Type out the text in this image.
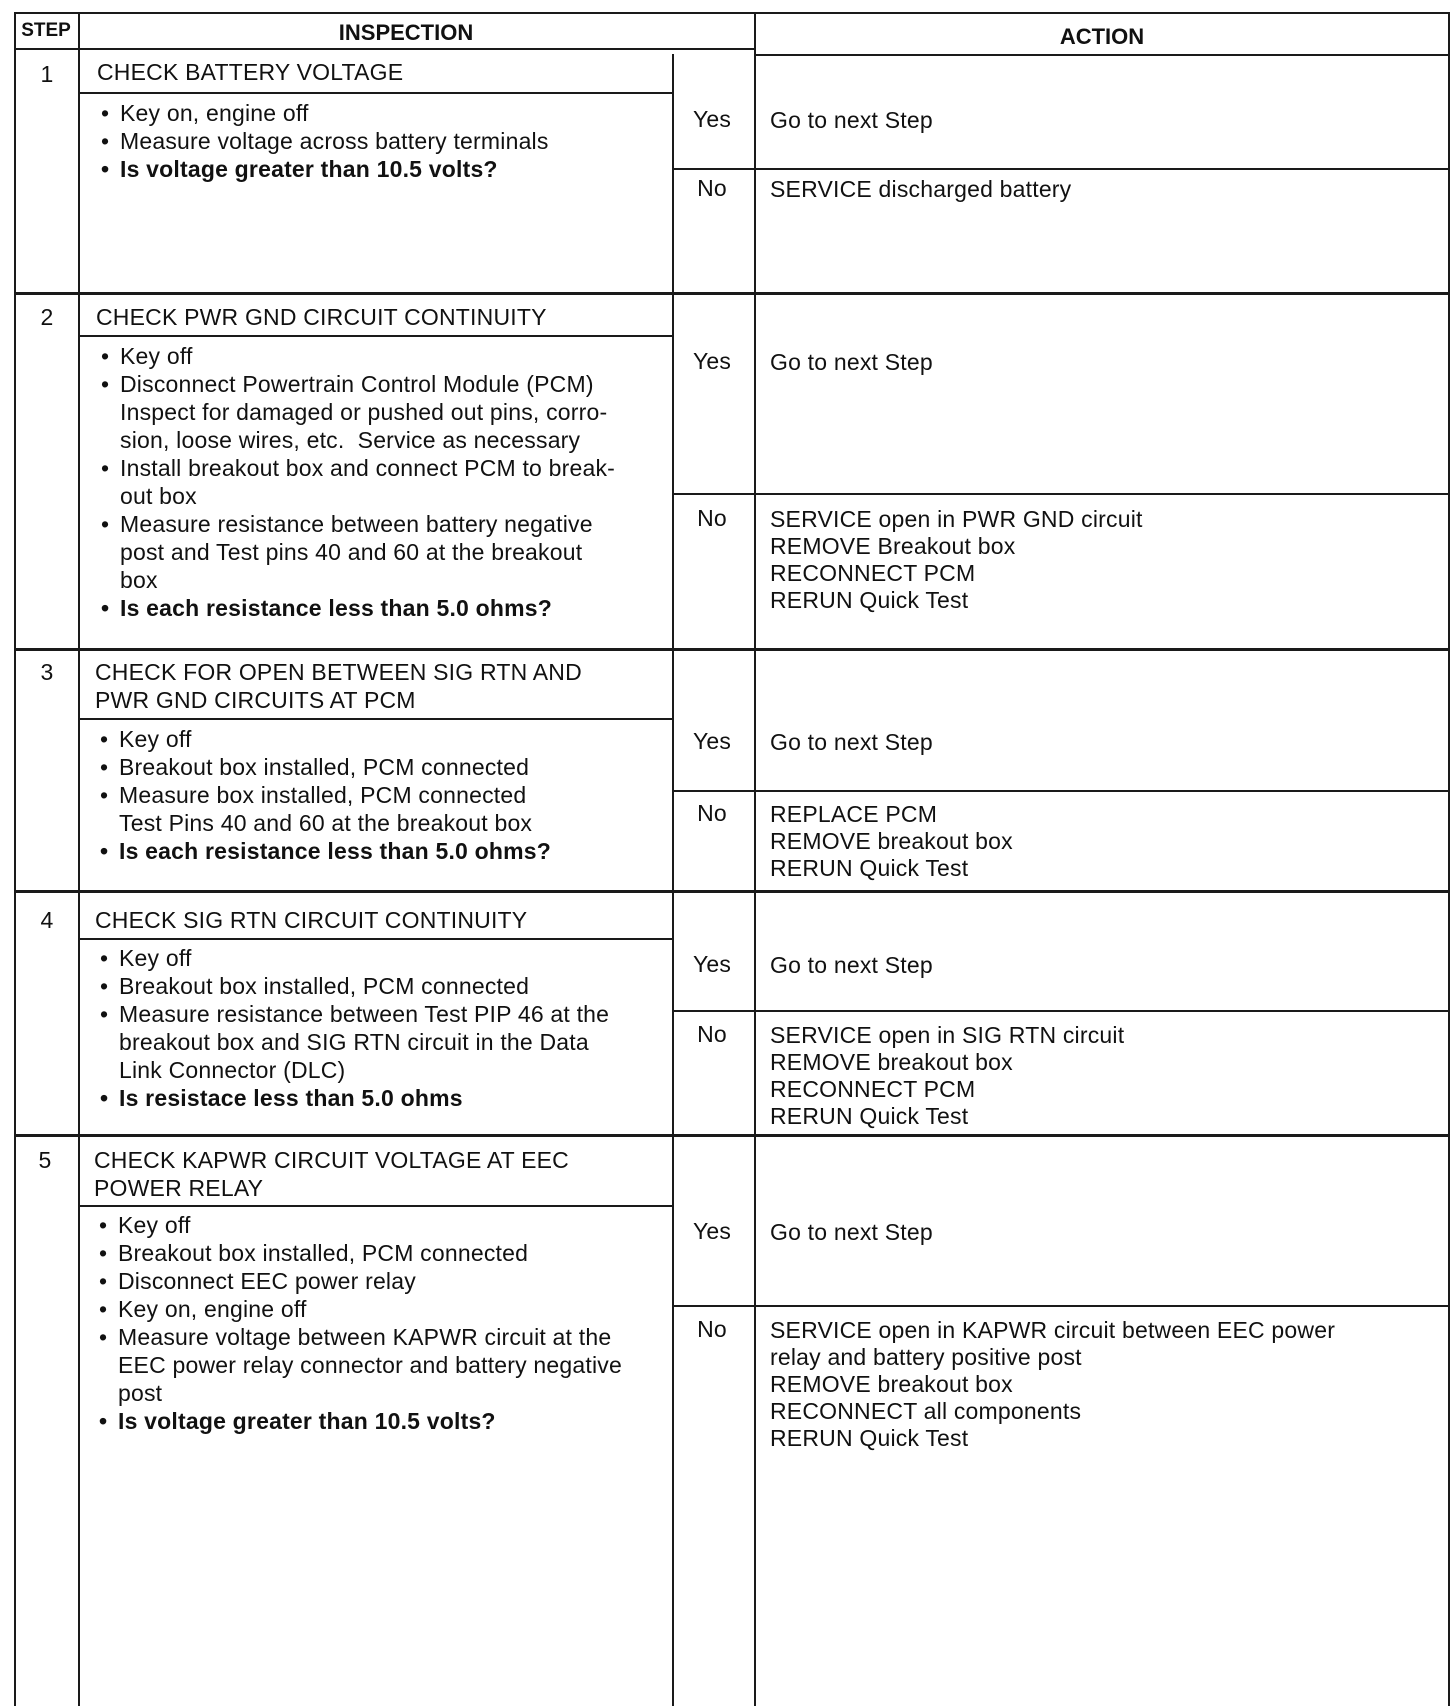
STEP	INSPECTION	ACTION
1	CHECK BATTERY VOLTAGE
• Key on, engine off
• Measure voltage across battery terminals
• Is voltage greater than 10.5 volts?
Yes	Go to next Step
No	SERVICE discharged battery
2	CHECK PWR GND CIRCUIT CONTINUITY
• Key off
• Disconnect Powertrain Control Module (PCM)
Inspect for damaged or pushed out pins, corro-
sion, loose wires, etc.  Service as necessary
• Install breakout box and connect PCM to break-
out box
• Measure resistance between battery negative
post and Test pins 40 and 60 at the breakout
box
• Is each resistance less than 5.0 ohms?
Yes	Go to next Step
No	SERVICE open in PWR GND circuit
REMOVE Breakout box
RECONNECT PCM
RERUN Quick Test
3	CHECK FOR OPEN BETWEEN SIG RTN AND
PWR GND CIRCUITS AT PCM
• Key off
• Breakout box installed, PCM connected
• Measure box installed, PCM connected
Test Pins 40 and 60 at the breakout box
• Is each resistance less than 5.0 ohms?
Yes	Go to next Step
No	REPLACE PCM
REMOVE breakout box
RERUN Quick Test
4	CHECK SIG RTN CIRCUIT CONTINUITY
• Key off
• Breakout box installed, PCM connected
• Measure resistance between Test PIP 46 at the
breakout box and SIG RTN circuit in the Data
Link Connector (DLC)
• Is resistace less than 5.0 ohms
Yes	Go to next Step
No	SERVICE open in SIG RTN circuit
REMOVE breakout box
RECONNECT PCM
RERUN Quick Test
5	CHECK KAPWR CIRCUIT VOLTAGE AT EEC
POWER RELAY
• Key off
• Breakout box installed, PCM connected
• Disconnect EEC power relay
• Key on, engine off
• Measure voltage between KAPWR circuit at the
EEC power relay connector and battery negative
post
• Is voltage greater than 10.5 volts?
Yes	Go to next Step
No	SERVICE open in KAPWR circuit between EEC power
relay and battery positive post
REMOVE breakout box
RECONNECT all components
RERUN Quick Test
